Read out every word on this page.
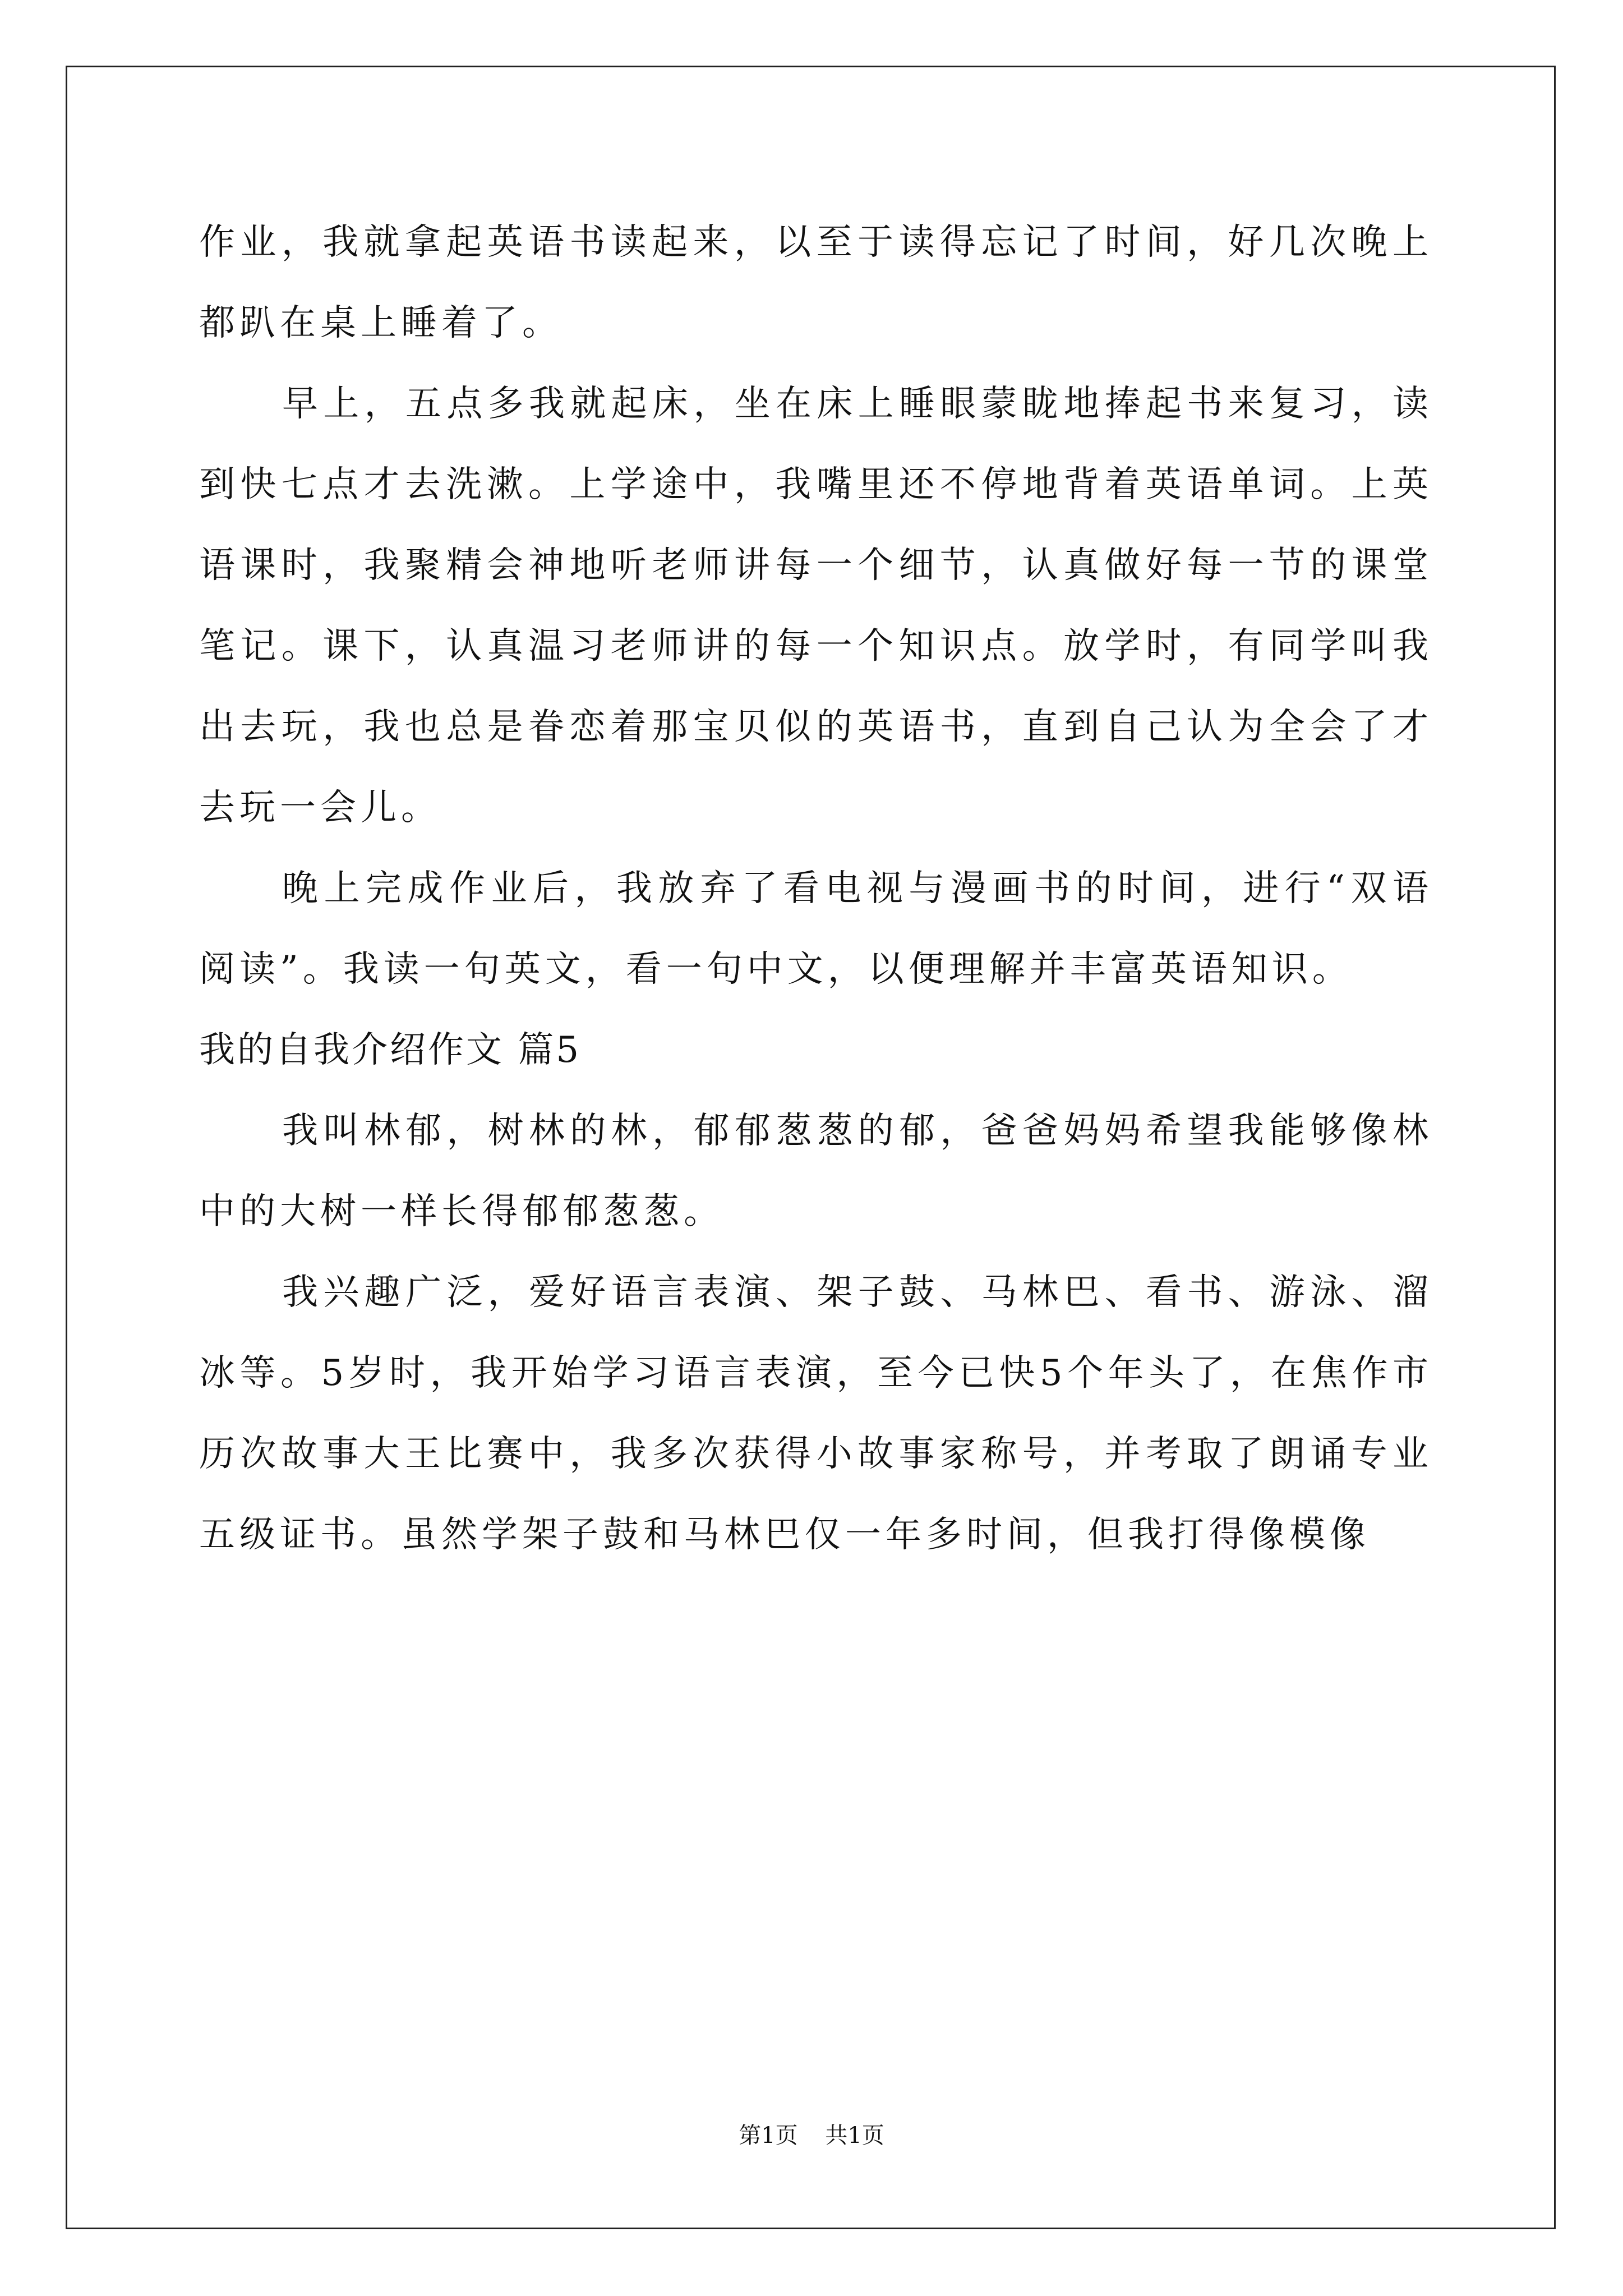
作业，我就拿起英语书读起来，以至于读得忘记了时间，好几次晚上都趴在桌上睡着了。

早上，五点多我就起床，坐在床上睡眼蒙眬地捧起书来复习，读到快七点才去洗漱。上学途中，我嘴里还不停地背着英语单词。上英语课时，我聚精会神地听老师讲每一个细节，认真做好每一节的课堂笔记。课下，认真温习老师讲的每一个知识点。放学时，有同学叫我出去玩，我也总是眷恋着那宝贝似的英语书，直到自己认为全会了才去玩一会儿。

晚上完成作业后，我放弃了看电视与漫画书的时间，进行“双语阅读”。我读一句英文，看一句中文，以便理解并丰富英语知识。

我的自我介绍作文 篇5

我叫林郁，树林的林，郁郁葱葱的郁，爸爸妈妈希望我能够像林中的大树一样长得郁郁葱葱。

我兴趣广泛，爱好语言表演、架子鼓、马林巴、看书、游泳、溜冰等。5岁时，我开始学习语言表演，至今已快5个年头了，在焦作市历次故事大王比赛中，我多次获得小故事家称号，并考取了朗诵专业五级证书。虽然学架子鼓和马林巴仅一年多时间，但我打得像模像

第1页 共1页
